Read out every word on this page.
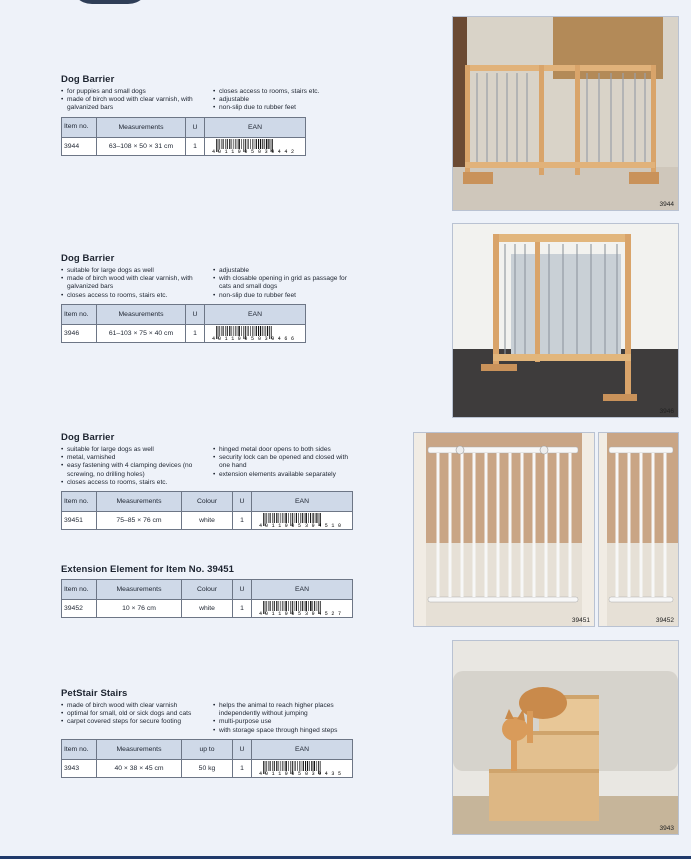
Dog Barrier
• for puppies and small dogs
• made of birch wood with clear varnish, with galvanized bars
• closes access to rooms, stairs etc.
• adjustable
• non-slip due to rubber feet
Item no.	Measurements	U	EAN
3944	63–108 × 50 × 31 cm	1	4 011905 039442
Dog Barrier
• suitable for large dogs as well
• made of birch wood with clear varnish, with galvanized bars
• closes access to rooms, stairs etc.
• adjustable
• with closable opening in grid as passage for cats and small dogs
• non-slip due to rubber feet
Item no.	Measurements	U	EAN
3946	61–103 × 75 × 40 cm	1	4 011905 039466
Dog Barrier
• suitable for large dogs as well
• metal, varnished
• easy fastening with 4 clamping devices (no screwing, no drilling holes)
• closes access to rooms, stairs etc.
• hinged metal door opens to both sides
• security lock can be opened and closed with one hand
• extension elements available separately
Item no.	Measurements	Colour	U	EAN
39451	75–85 × 76 cm	white	1	4 011905 394510
Extension Element for Item No. 39451
Item no.	Measurements	Colour	U	EAN
39452	10 × 76 cm	white	1	4 011905 394527
PetStair Stairs
• made of birch wood with clear varnish
• optimal for small, old or sick dogs and cats
• carpet covered steps for secure footing
• helps the animal to reach higher places independently without jumping
• multi-purpose use
• with storage space through hinged steps
Item no.	Measurements	up to	U	EAN
3943	40 × 38 × 45 cm	50 kg	1	4 011905 039435
3944
3946
39451	39452
3943
